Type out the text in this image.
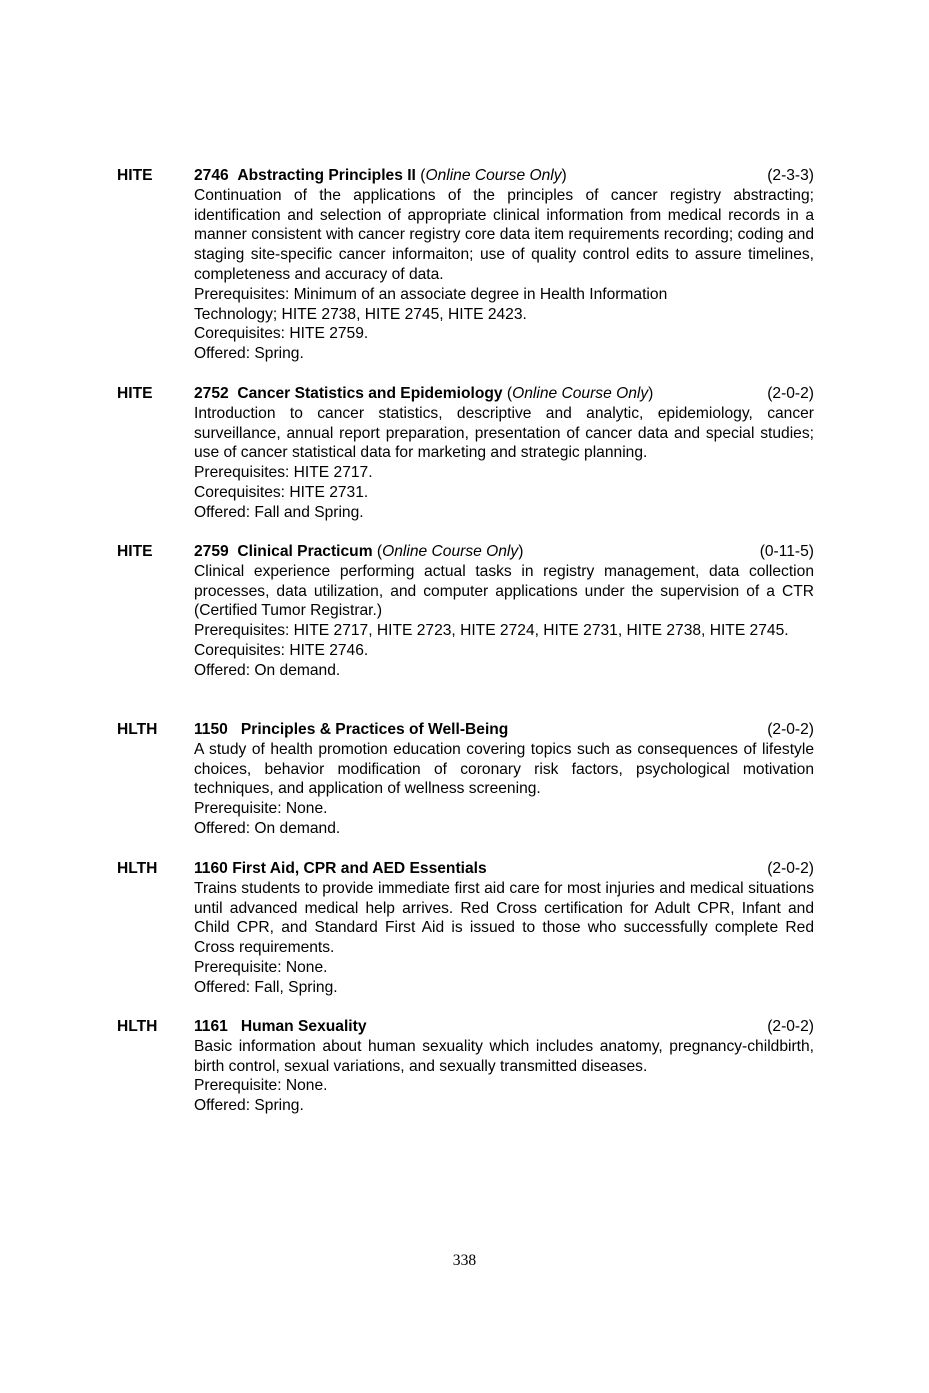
HITE	2746 Abstracting Principles II (Online Course Only)	(2-3-3)
Continuation of the applications of the principles of cancer registry abstracting; identification and selection of appropriate clinical information from medical records in a manner consistent with cancer registry core data item requirements recording; coding and staging site-specific cancer informaiton; use of quality control edits to assure timelines, completeness and accuracy of data.
Prerequisites: Minimum of an associate degree in Health Information
Technology; HITE 2738, HITE 2745, HITE 2423.
Corequisites: HITE 2759.
Offered: Spring.
HITE	2752 Cancer Statistics and Epidemiology (Online Course Only)	(2-0-2)
Introduction to cancer statistics, descriptive and analytic, epidemiology, cancer surveillance, annual report preparation, presentation of cancer data and special studies; use of cancer statistical data for marketing and strategic planning.
Prerequisites: HITE 2717.
Corequisites: HITE 2731.
Offered: Fall and Spring.
HITE	2759 Clinical Practicum (Online Course Only)	(0-11-5)
Clinical experience performing actual tasks in registry management, data collection processes, data utilization, and computer applications under the supervision of a CTR (Certified Tumor Registrar.)
Prerequisites: HITE 2717, HITE 2723, HITE 2724, HITE 2731, HITE 2738, HITE 2745.
Corequisites: HITE 2746.
Offered: On demand.
HLTH 1150 Principles & Practices of Well-Being	(2-0-2)
A study of health promotion education covering topics such as consequences of lifestyle choices, behavior modification of coronary risk factors, psychological motivation techniques, and application of wellness screening.
Prerequisite: None.
Offered: On demand.
HLTH 1160 First Aid, CPR and AED Essentials	(2-0-2)
Trains students to provide immediate first aid care for most injuries and medical situations until advanced medical help arrives. Red Cross certification for Adult CPR, Infant and Child CPR, and Standard First Aid is issued to those who successfully complete Red Cross requirements.
Prerequisite: None.
Offered: Fall, Spring.
HLTH 1161 Human Sexuality	(2-0-2)
Basic information about human sexuality which includes anatomy, pregnancy-childbirth, birth control, sexual variations, and sexually transmitted diseases.
Prerequisite: None.
Offered: Spring.
338
